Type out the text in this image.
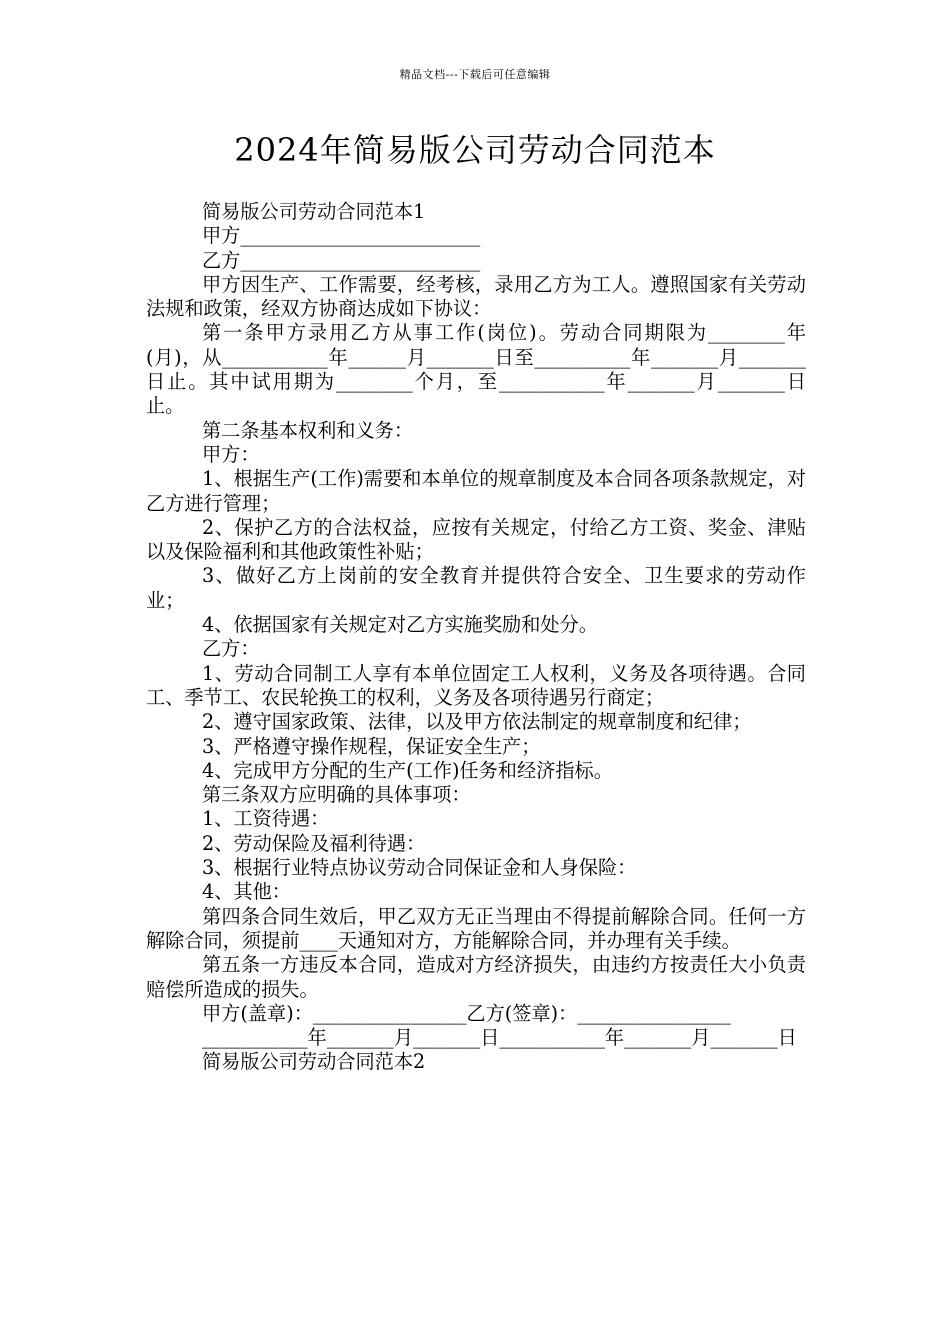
精品文档---下载后可任意编辑
2024年简易版公司劳动合同范本

简易版公司劳动合同范本1

甲方_________________________

乙方_________________________

甲方因生产、工作需要，经考核，录用乙方为工人。遵照国家有关劳动法规和政策，经双方协商达成如下协议：

第一条甲方录用乙方从事工作(岗位)。劳动合同期限为________年(月)，从___________年______月_______日至__________年_______月_______日止。其中试用期为________个月，至___________年_______月_______日止。

第二条基本权利和义务：

甲方：

1、根据生产(工作)需要和本单位的规章制度及本合同各项条款规定，对乙方进行管理；

2、保护乙方的合法权益，应按有关规定，付给乙方工资、奖金、津贴以及保险福利和其他政策性补贴；

3、做好乙方上岗前的安全教育并提供符合安全、卫生要求的劳动作业；

4、依据国家有关规定对乙方实施奖励和处分。

乙方：

1、劳动合同制工人享有本单位固定工人权利，义务及各项待遇。合同工、季节工、农民轮换工的权利，义务及各项待遇另行商定；

2、遵守国家政策、法律，以及甲方依法制定的规章制度和纪律；

3、严格遵守操作规程，保证安全生产；

4、完成甲方分配的生产(工作)任务和经济指标。

第三条双方应明确的具体事项：

1、工资待遇：

2、劳动保险及福利待遇：

3、根据行业特点协议劳动合同保证金和人身保险：

4、其他：

第四条合同生效后，甲乙双方无正当理由不得提前解除合同。任何一方解除合同，须提前____天通知对方，方能解除合同，并办理有关手续。

第五条一方违反本合同，造成对方经济损失，由违约方按责任大小负责赔偿所造成的损失。

甲方(盖章)：________________乙方(签章)：________________

___________年_______月_______日___________年_______月_______日

简易版公司劳动合同范本2
